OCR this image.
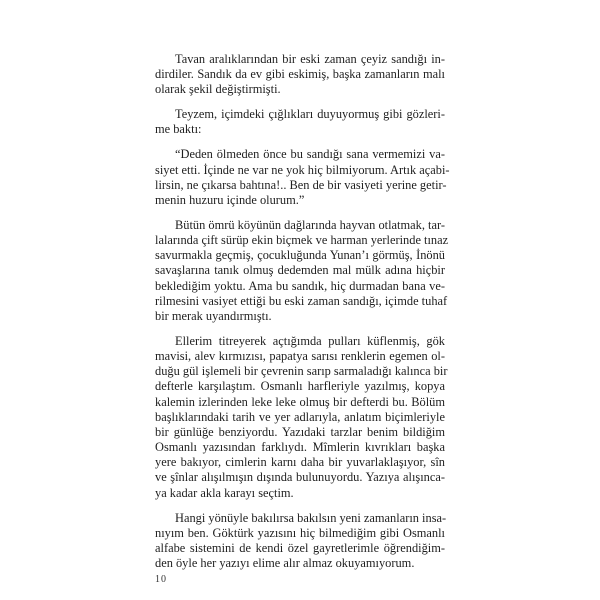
Tavan aralıklarından bir eski zaman çeyiz sandığı in-
dirdiler. Sandık da ev gibi eskimiş, başka zamanların malı
olarak şekil değiştirmişti.
Teyzem, içimdeki çığlıkları duyuyormuş gibi gözleri-
me baktı:
“Deden ölmeden önce bu sandığı sana vermemizi va-
siyet etti. İçinde ne var ne yok hiç bilmiyorum. Artık açabi-
lirsin, ne çıkarsa bahtına!.. Ben de bir vasiyeti yerine getir-
menin huzuru içinde olurum.”
Bütün ömrü köyünün dağlarında hayvan otlatmak, tar-
lalarında çift sürüp ekin biçmek ve harman yerlerinde tınaz
savurmakla geçmiş, çocukluğunda Yunan’ı görmüş, İnönü
savaşlarına tanık olmuş dedemden mal mülk adına hiçbir
beklediğim yoktu. Ama bu sandık, hiç durmadan bana ve-
rilmesini vasiyet ettiği bu eski zaman sandığı, içimde tuhaf
bir merak uyandırmıştı.
Ellerim titreyerek açtığımda pulları küflenmiş, gök
mavisi, alev kırmızısı, papatya sarısı renklerin egemen ol-
duğu gül işlemeli bir çevrenin sarıp sarmaladığı kalınca bir
defterle karşılaştım. Osmanlı harfleriyle yazılmış, kopya
kalemin izlerinden leke leke olmuş bir defterdi bu. Bölüm
başlıklarındaki tarih ve yer adlarıyla, anlatım biçimleriyle
bir günlüğe benziyordu. Yazıdaki tarzlar benim bildiğim
Osmanlı yazısından farklıydı. Mîmlerin kıvrıkları başka
yere bakıyor, cimlerin karnı daha bir yuvarlaklaşıyor, sîn
ve şînlar alışılmışın dışında bulunuyordu. Yazıya alışınca-
ya kadar akla karayı seçtim.
Hangi yönüyle bakılırsa bakılsın yeni zamanların insa-
nıyım ben. Göktürk yazısını hiç bilmediğim gibi Osmanlı
alfabe sistemini de kendi özel gayretlerimle öğrendiğim-
den öyle her yazıyı elime alır almaz okuyamıyorum.
10
